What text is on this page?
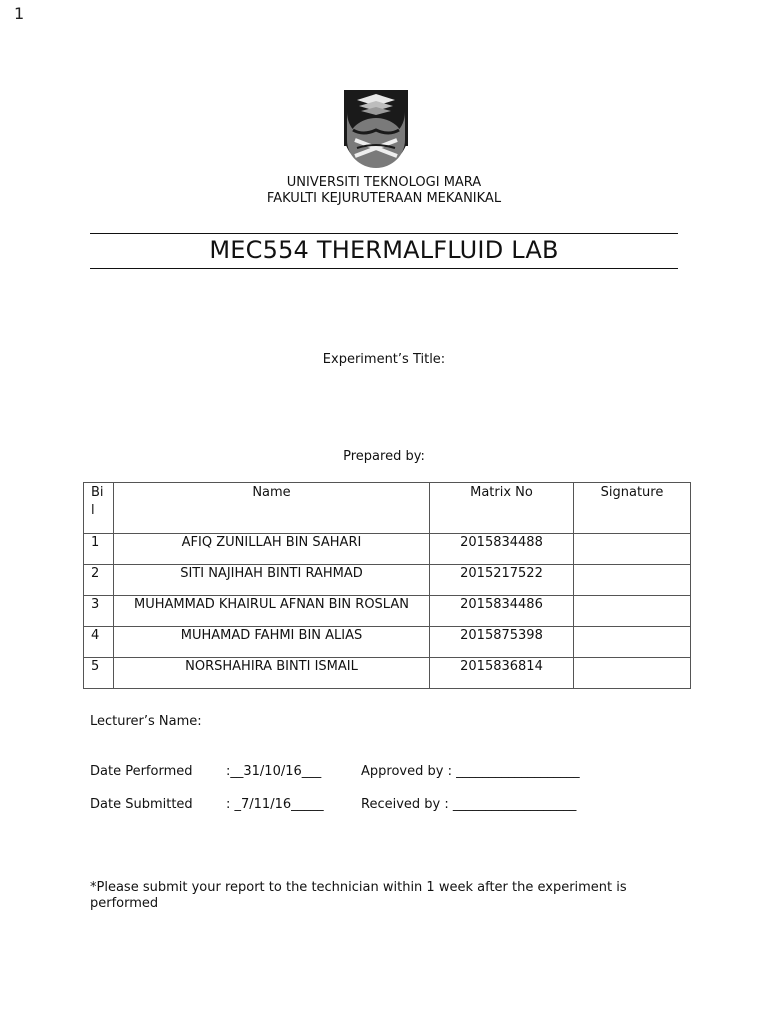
1
UNIVERSITI TEKNOLOGI MARA
FAKULTI KEJURUTERAAN MEKANIKAL
MEC554 THERMALFLUID LAB
Experiment’s Title:
Prepared by:
Bil	Name	Matrix No	Signature
1	AFIQ ZUNILLAH BIN SAHARI	2015834488	
2	SITI NAJIHAH BINTI RAHMAD	2015217522	
3	MUHAMMAD KHAIRUL AFNAN BIN ROSLAN	2015834486	
4	MUHAMAD FAHMI BIN ALIAS	2015875398	
5	NORSHAHIRA BINTI ISMAIL	2015836814	
Lecturer’s Name:
Date Performed	:__31/10/16___	Approved by : ___________________
Date Submitted	: _7/11/16_____	Received by : ___________________
*Please submit your report to the technician within 1 week after the experiment is
performed
